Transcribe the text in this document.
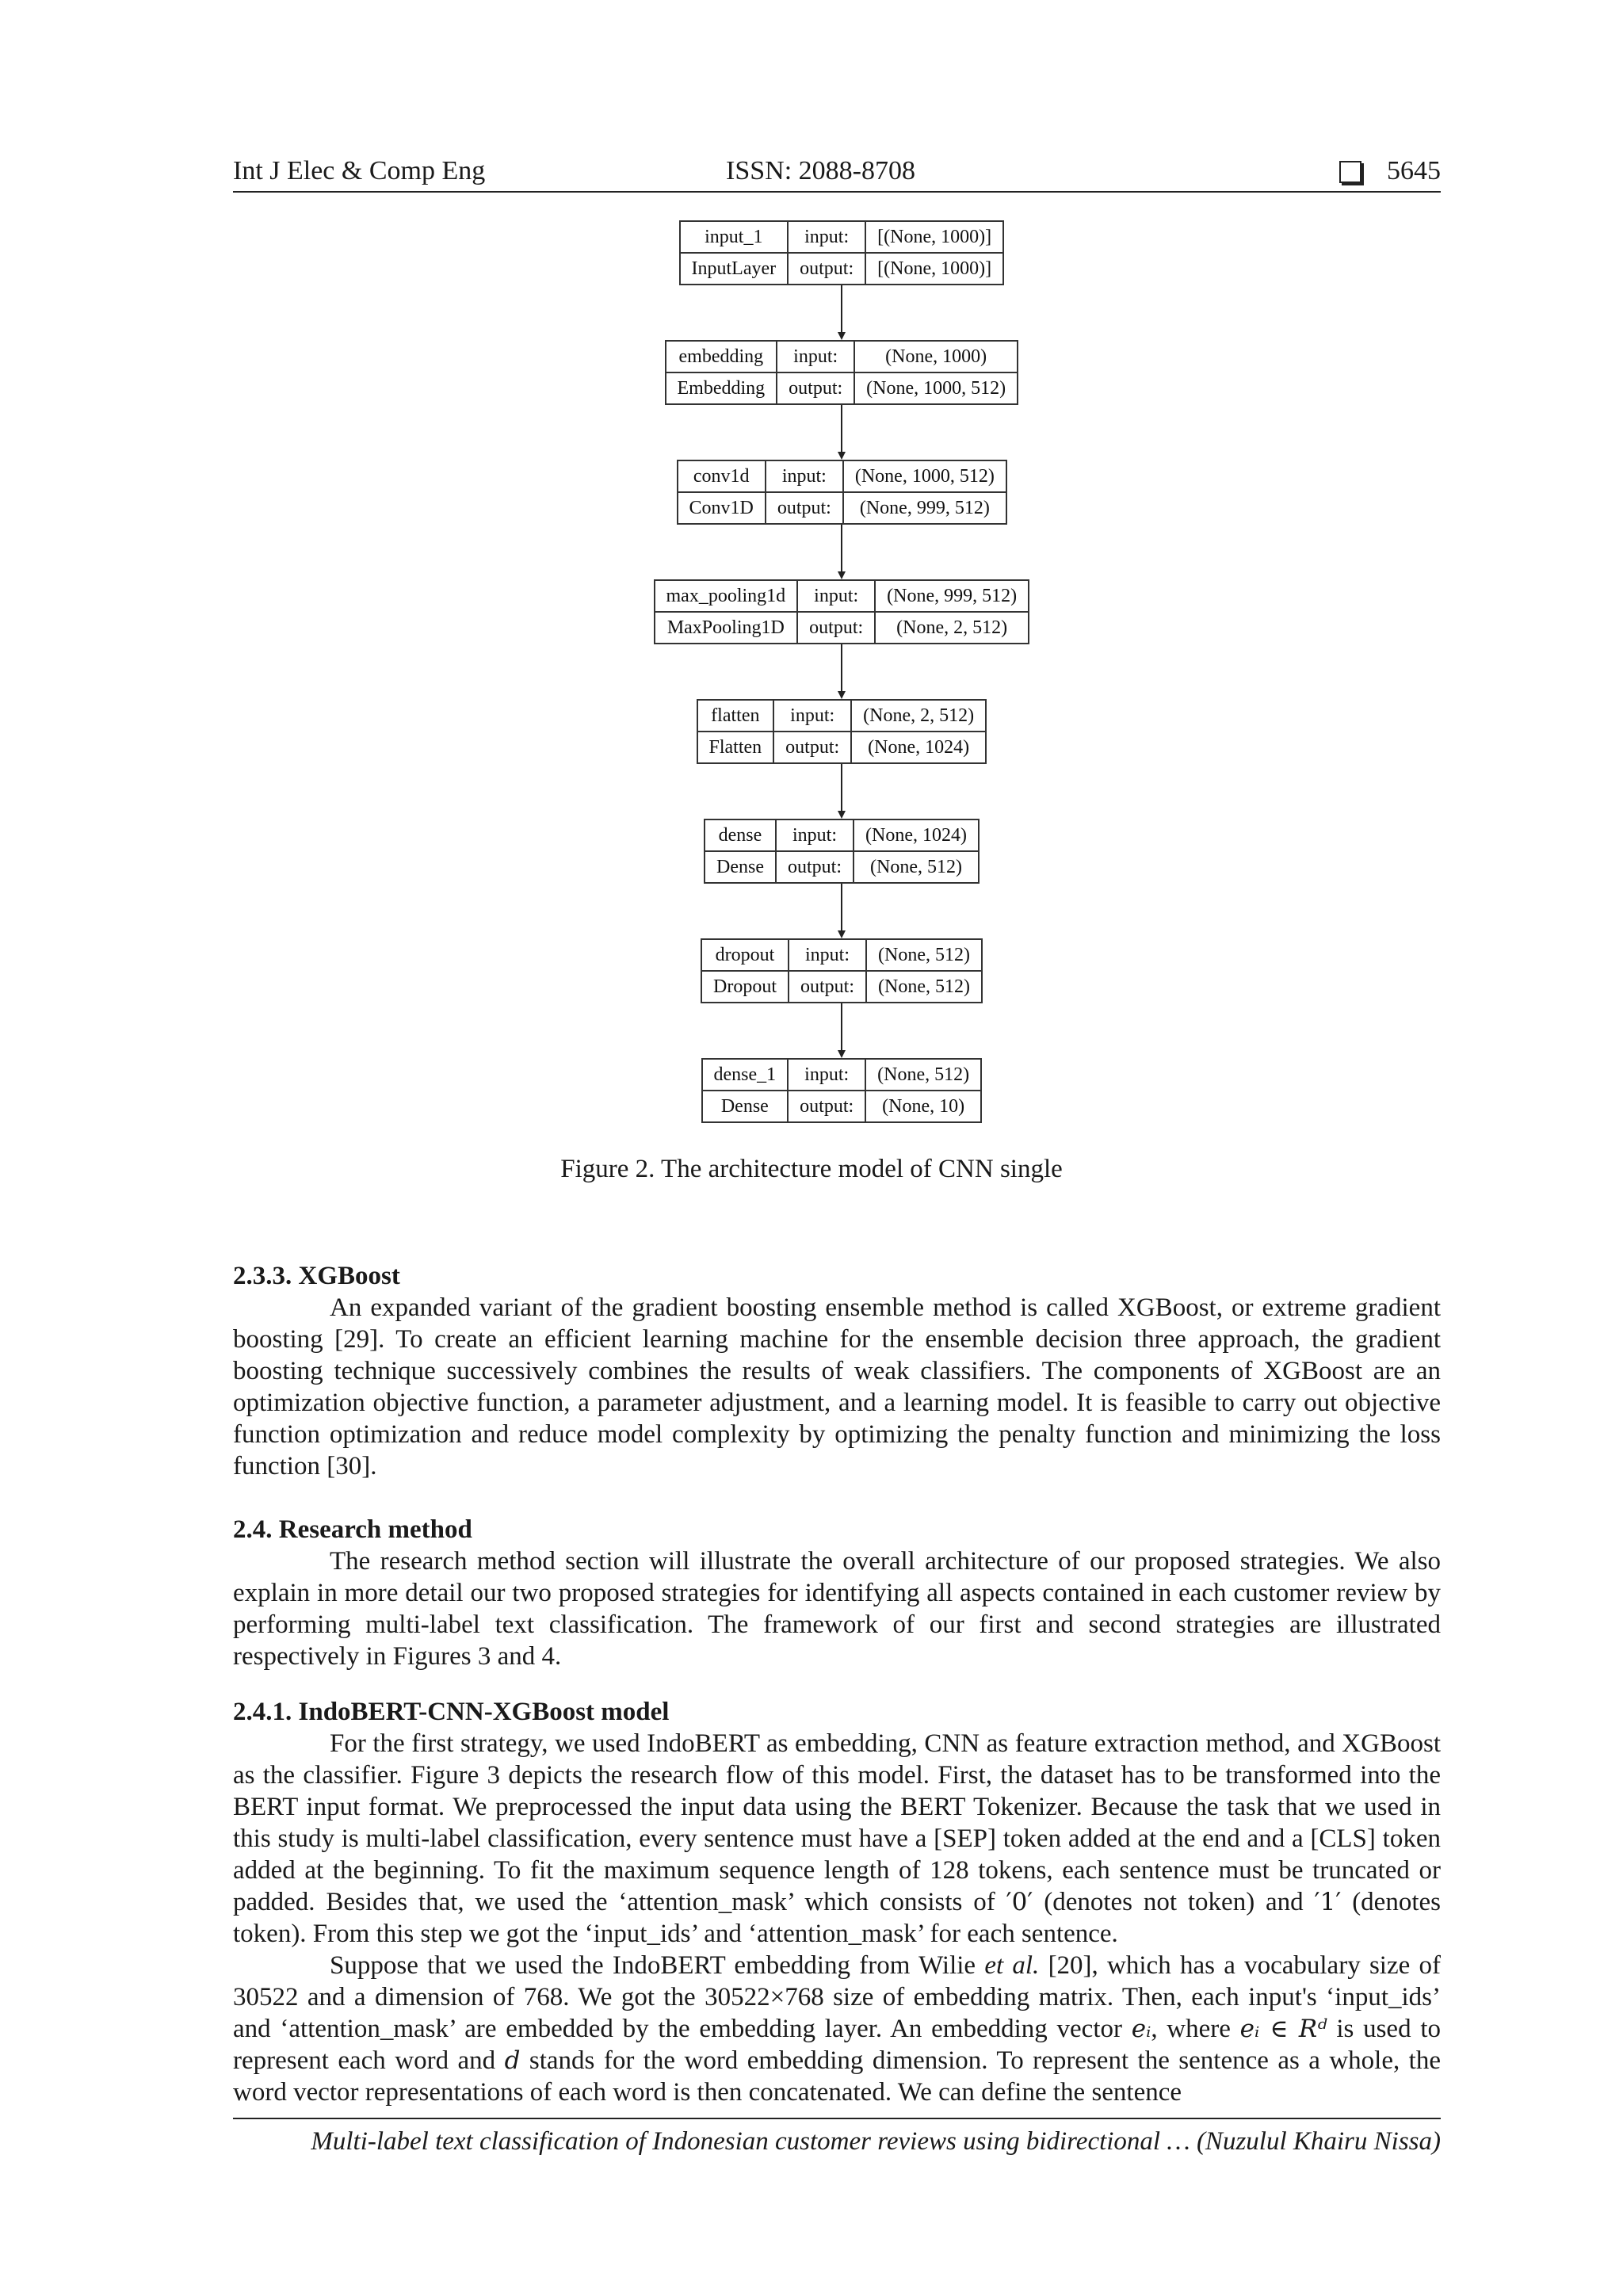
Int J Elec & Comp Eng	ISSN: 2088-8708	5645
input_1	input:	[(None, 1000)]
InputLayer	output:	[(None, 1000)]
embedding	input:	(None, 1000)
Embedding	output:	(None, 1000, 512)
conv1d	input:	(None, 1000, 512)
Conv1D	output:	(None, 999, 512)
max_pooling1d	input:	(None, 999, 512)
MaxPooling1D	output:	(None, 2, 512)
flatten	input:	(None, 2, 512)
Flatten	output:	(None, 1024)
dense	input:	(None, 1024)
Dense	output:	(None, 512)
dropout	input:	(None, 512)
Dropout	output:	(None, 512)
dense_1	input:	(None, 512)
Dense	output:	(None, 10)
Figure 2. The architecture model of CNN single
2.3.3. XGBoost

An expanded variant of the gradient boosting ensemble method is called XGBoost, or extreme gradient boosting [29]. To create an efficient learning machine for the ensemble decision three approach, the gradient boosting technique successively combines the results of weak classifiers. The components of XGBoost are an optimization objective function, a parameter adjustment, and a learning model. It is feasible to carry out objective function optimization and reduce model complexity by optimizing the penalty function and minimizing the loss function [30].

2.4. Research method

The research method section will illustrate the overall architecture of our proposed strategies. We also explain in more detail our two proposed strategies for identifying all aspects contained in each customer review by performing multi-label text classification. The framework of our first and second strategies are illustrated respectively in Figures 3 and 4.

2.4.1. IndoBERT-CNN-XGBoost model

For the first strategy, we used IndoBERT as embedding, CNN as feature extraction method, and XGBoost as the classifier. Figure 3 depicts the research flow of this model. First, the dataset has to be transformed into the BERT input format. We preprocessed the input data using the BERT Tokenizer. Because the task that we used in this study is multi-label classification, every sentence must have a [SEP] token added at the end and a [CLS] token added at the beginning. To fit the maximum sequence length of 128 tokens, each sentence must be truncated or padded. Besides that, we used the ‘attention_mask’ which consists of ′0′ (denotes not token) and ′1′ (denotes token). From this step we got the ‘input_ids’ and ‘attention_mask’ for each sentence.

Suppose that we used the IndoBERT embedding from Wilie et al. [20], which has a vocabulary size of 30522 and a dimension of 768. We got the 30522×768 size of embedding matrix. Then, each input's ‘input_ids’ and ‘attention_mask’ are embedded by the embedding layer. An embedding vector eᵢ, where eᵢ ∈ Rᵈ is used to represent each word and d stands for the word embedding dimension. To represent the sentence as a whole, the word vector representations of each word is then concatenated. We can define the sentence

Multi-label text classification of Indonesian customer reviews using bidirectional … (Nuzulul Khairu Nissa)
